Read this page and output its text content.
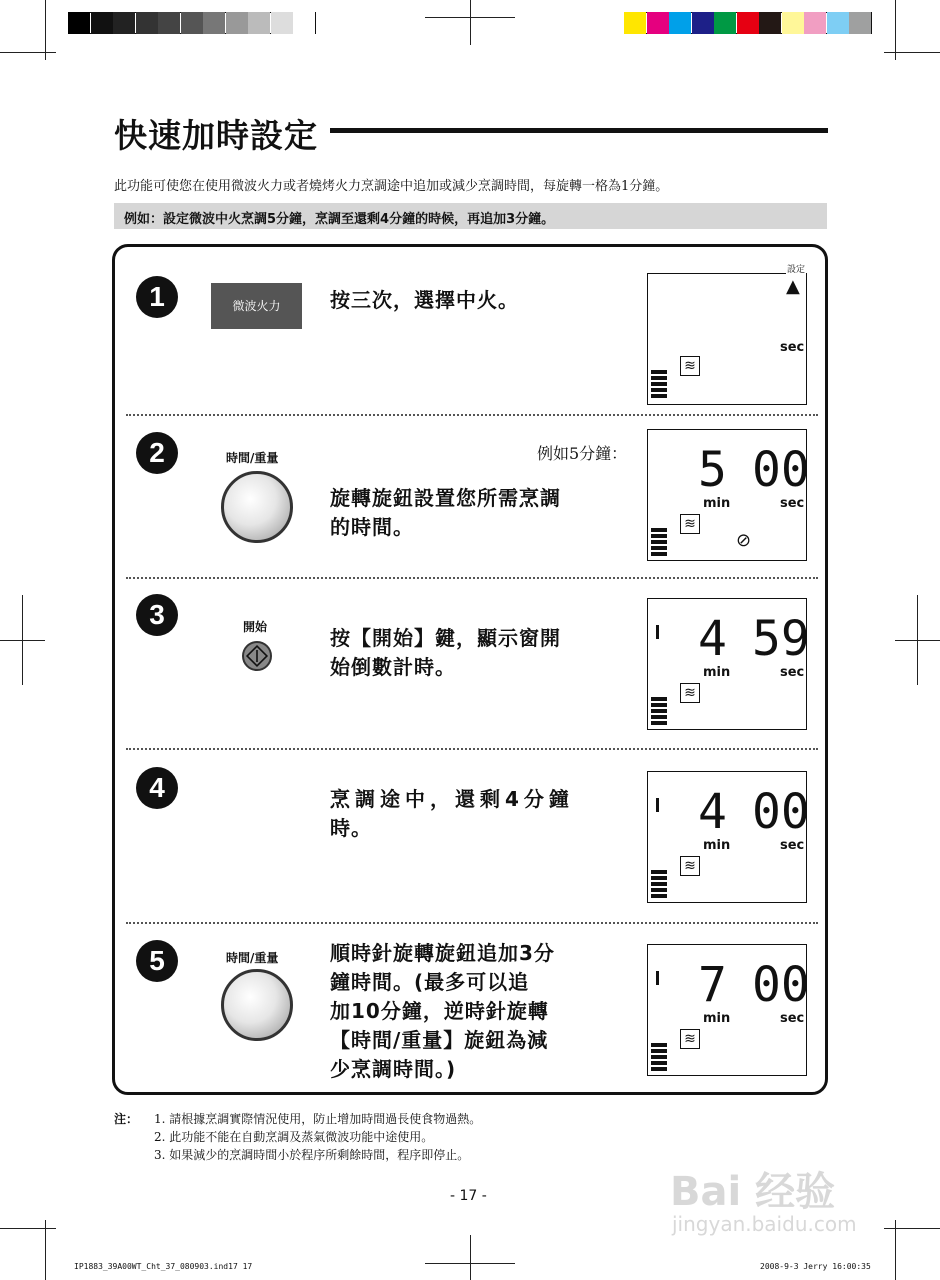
快速加時設定
此功能可使您在使用微波火力或者燒烤火力烹調途中追加或減少烹調時間，每旋轉一格為1分鐘。
例如：設定微波中火烹調5分鐘，烹調至還剩4分鐘的時候，再追加3分鐘。
1	微波火力	按三次，選擇中火。
2	時間/重量	例如5分鐘：
旋轉旋鈕設置您所需烹調
的時間。
3	開始	按【開始】鍵，顯示窗開
始倒數計時。
4	烹調途中，還剩4分鐘
時。
5	時間/重量	順時針旋轉旋鈕追加3分
鐘時間。(最多可以追
加10分鐘，逆時針旋轉
【時間/重量】旋鈕為減
少烹調時間。)
設定
▲
sec
≋
5 00
min	sec
≋
⊘
4 59
min	sec
≋
4 00
min	sec
≋
7 00
min	sec
≋
注： 1. 請根據烹調實際情況使用，防止增加時間過長使食物過熱。
2. 此功能不能在自動烹調及蒸氣微波功能中途使用。
3. 如果減少的烹調時間小於程序所剩餘時間，程序即停止。
- 17 -	Bai 经验
jingyan.baidu.com
IP1883_39A00WT_Cht_37_080903.ind17 17	2008-9-3 Jerry 16:00:35
